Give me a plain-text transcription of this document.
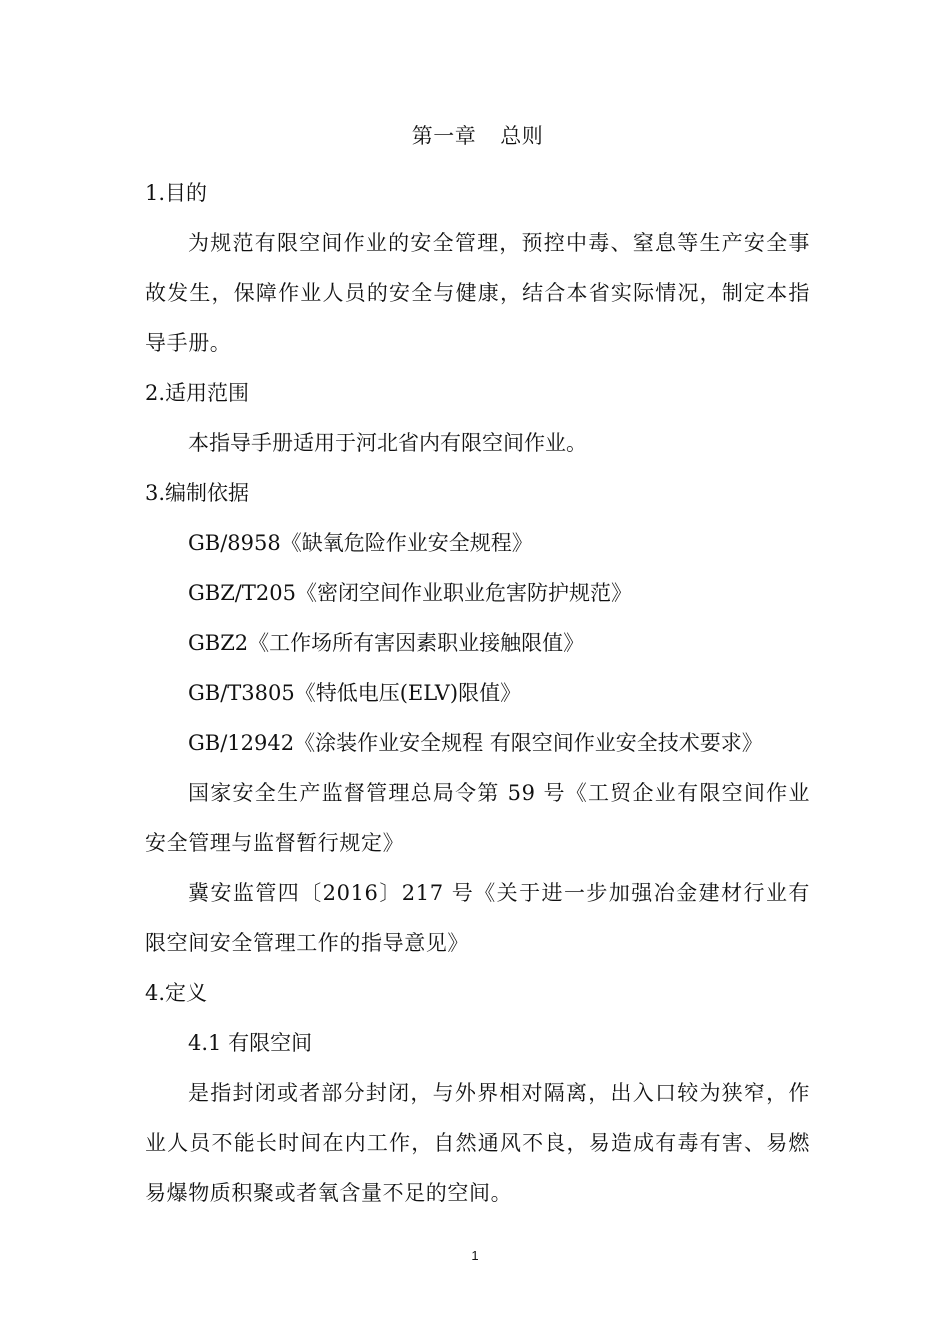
第一章 总则

1.目的

为规范有限空间作业的安全管理，预控中毒、窒息等生产安全事故发生，保障作业人员的安全与健康，结合本省实际情况，制定本指导手册。

2.适用范围

本指导手册适用于河北省内有限空间作业。

3.编制依据

GB/8958《缺氧危险作业安全规程》

GBZ/T205《密闭空间作业职业危害防护规范》

GBZ2《工作场所有害因素职业接触限值》

GB/T3805《特低电压(ELV)限值》

GB/12942《涂装作业安全规程 有限空间作业安全技术要求》

国家安全生产监督管理总局令第 59 号《工贸企业有限空间作业安全管理与监督暂行规定》

冀安监管四〔2016〕217 号《关于进一步加强冶金建材行业有限空间安全管理工作的指导意见》

4.定义

4.1 有限空间

是指封闭或者部分封闭，与外界相对隔离，出入口较为狭窄，作业人员不能长时间在内工作，自然通风不良，易造成有毒有害、易燃易爆物质积聚或者氧含量不足的空间。

1
